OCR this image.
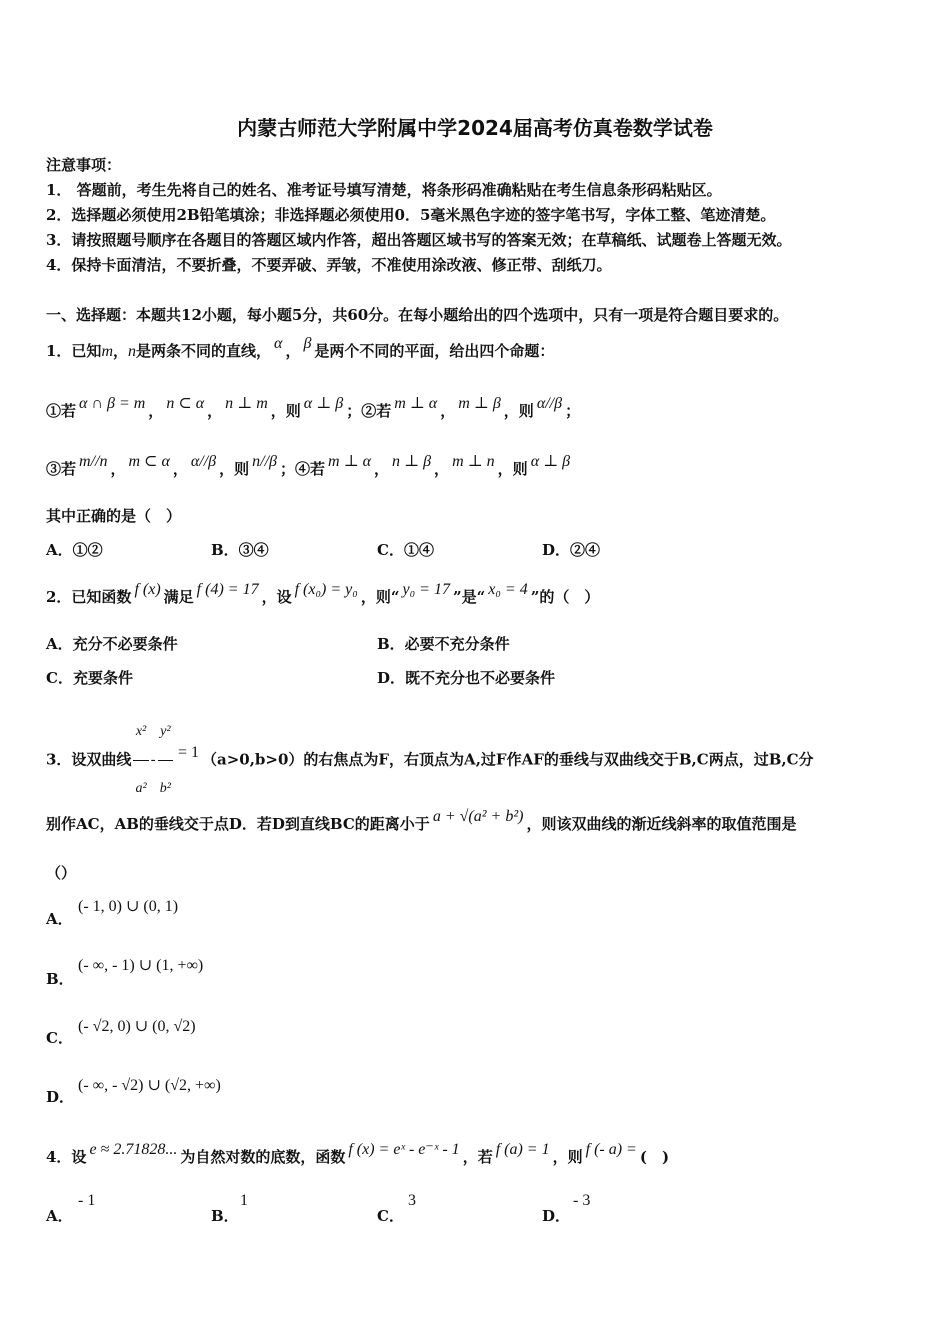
内蒙古师范大学附属中学2024届高考仿真卷数学试卷
注意事项：
1． 答题前，考生先将自己的姓名、准考证号填写清楚，将条形码准确粘贴在考生信息条形码粘贴区。
2．选择题必须使用2B铅笔填涂；非选择题必须使用0．5毫米黑色字迹的签字笔书写，字体工整、笔迹清楚。
3．请按照题号顺序在各题目的答题区域内作答，超出答题区域书写的答案无效；在草稿纸、试题卷上答题无效。
4．保持卡面清洁，不要折叠，不要弄破、弄皱，不准使用涂改液、修正带、刮纸刀。
一、选择题：本题共12小题，每小题5分，共60分。在每小题给出的四个选项中，只有一项是符合题目要求的。
1．已知m，n是两条不同的直线， α ， β 是两个不同的平面，给出四个命题：
①若 α ∩ β = m ， n ⊂ α ， n ⊥ m ，则 α ⊥ β ；②若 m ⊥ α ， m ⊥ β ，则 α//β ；
③若 m//n ， m ⊂ α ， α//β ，则 n//β ；④若 m ⊥ α ， n ⊥ β ， m ⊥ n ，则 α ⊥ β
其中正确的是（　）
A．①②	B．③④	C．①④	D．②④
2．已知函数 f (x) 满足 f (4) = 17 ，设 f (x₀) = y₀ ，则“ y₀ = 17 ”是“ x₀ = 4 ”的（　）
A．充分不必要条件	B．必要不充分条件
C．充要条件	D．既不充分也不必要条件
3．设双曲线 $\frac{\text{x²}}{\text{a²}} - \frac{\text{y²}}{\text{b²}} = 1$ （a>0,b>0）的右焦点为F，右顶点为A,过F作AF的垂线与双曲线交于B,C两点，过B,C分
别作AC，AB的垂线交于点D．若D到直线BC的距离小于 a + √(a² + b²) ，则该双曲线的渐近线斜率的取值范围是
（）
A．
(- 1, 0) ∪ (0, 1)
B．
(- ∞, - 1) ∪ (1, +∞)
C．
(- √2, 0) ∪ (0, √2)
D．
(- ∞, - √2) ∪ (√2, +∞)
4．设 e ≈ 2.71828... 为自然对数的底数，函数 f (x) = eˣ - e⁻ˣ - 1 ，若 f (a) = 1 ，则 f (- a) = (　)
A．
- 1
B．
1
C．
3
D．
- 3
